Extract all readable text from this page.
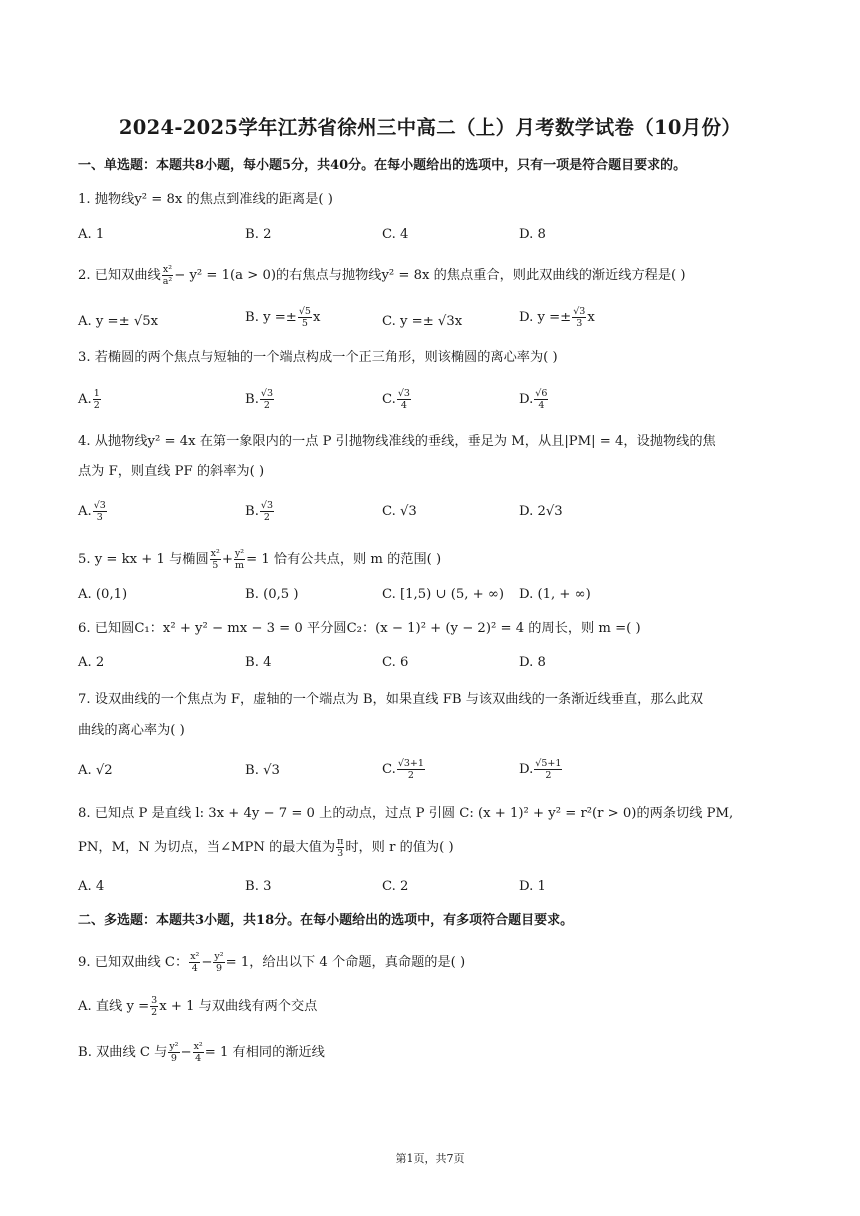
2024-2025学年江苏省徐州三中高二（上）月考数学试卷（10月份）
一、单选题：本题共8小题，每小题5分，共40分。在每小题给出的选项中，只有一项是符合题目要求的。
1. 抛物线y² = 8x 的焦点到准线的距离是( )
A. 1	B. 2	C. 4	D. 8
2. 已知双曲线 $\frac{\text{x²}}{\text{a²}} - y^2 = 1(a > 0)$的右焦点与抛物线y² = 8x 的焦点重合，则此双曲线的渐近线方程是( )
A. y =± √5x	B. $y =\pm \frac{√5}{5}$ x	C. y =± √3x	D. $y =\pm \frac{√3}{3}$ x
3. 若椭圆的两个焦点与短轴的一个端点构成一个正三角形，则该椭圆的离心率为( )
A. $\frac{1}{2}$	B. $\frac{√3}{2}$	C. $\frac{√3}{4}$	D. $\frac{√6}{4}$
4. 从抛物线y² = 4x 在第一象限内的一点 P 引抛物线准线的垂线，垂足为 M，从且|PM| = 4，设抛物线的焦
点为 F，则直线 PF 的斜率为( )
A. $\frac{√3}{3}$	B. $\frac{√3}{2}$	C. √3	D. 2√3
5. y = kx + 1 与椭圆 $\frac{\text{x²}}{5} + \frac{\text{y²}}{m} = 1$ 恰有公共点，则 m 的范围( )
A. (0,1)	B. (0,5 )	C. [1,5) ∪ (5, + ∞) D. (1, + ∞)
6. 已知圆C₁：x² + y² − mx − 3 = 0 平分圆C₂：(x − 1)² + (y − 2)² = 4 的周长，则 m =( )
A. 2	B. 4	C. 6	D. 8
7. 设双曲线的一个焦点为 F，虚轴的一个端点为 B，如果直线 FB 与该双曲线的一条渐近线垂直，那么此双
曲线的离心率为( )
A. √2	B. √3	C. $\frac{√3+1}{2}$	D. $\frac{√5+1}{2}$
8. 已知点 P 是直线 l: 3x + 4y − 7 = 0 上的动点，过点 P 引圆 C: (x + 1)² + y² = r²(r > 0)的两条切线 PM,
PN，M，N 为切点，当∠MPN 的最大值为 $\frac{\pi}{3}$ 时，则 r 的值为( )
A. 4	B. 3	C. 2	D. 1
二、多选题：本题共3小题，共18分。在每小题给出的选项中，有多项符合题目要求。
9. 已知双曲线 C： $\frac{\text{x²}}{4} - \frac{\text{y²}}{9} = 1$，给出以下 4 个命题，真命题的是( )
A. 直线 $y = \frac{3}{2}$ x + 1 与双曲线有两个交点
B. 双曲线 C 与 $\frac{\text{y²}}{9} - \frac{\text{x²}}{4} = 1$ 有相同的渐近线
第1页，共7页
